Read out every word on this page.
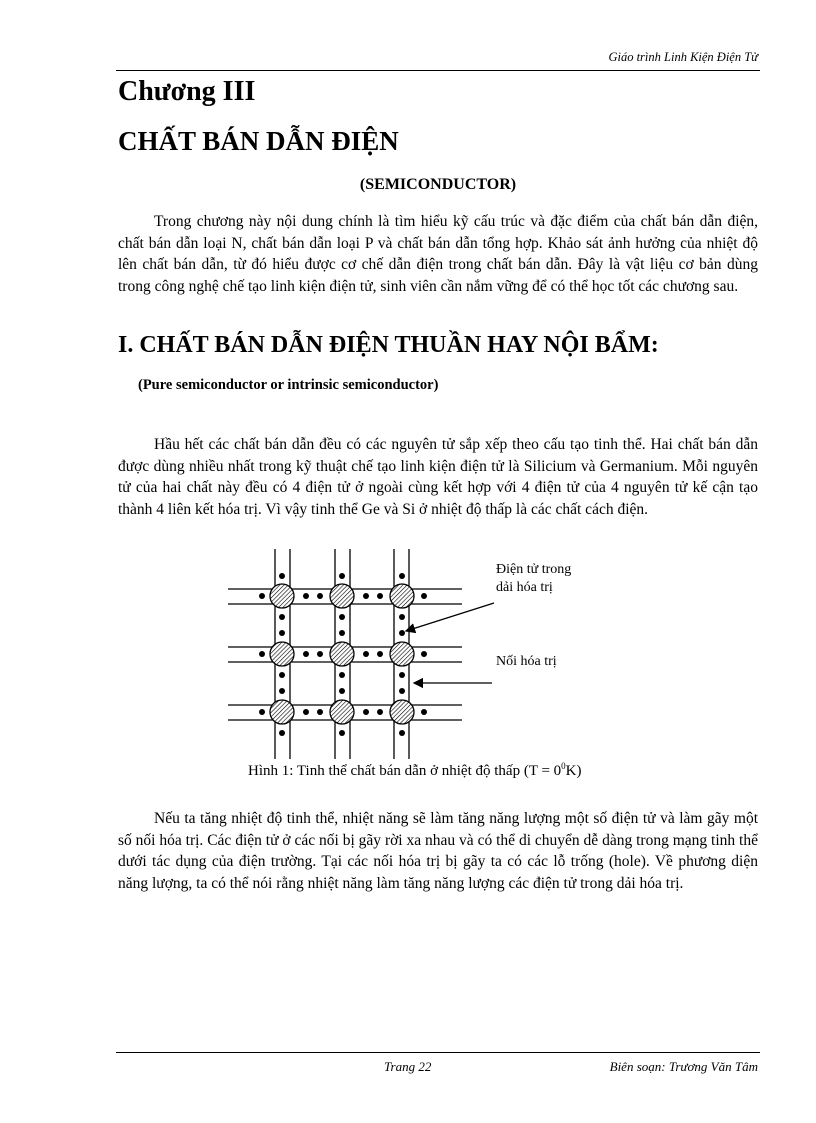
Giáo trình Linh Kiện Điện Tử
Chương III
CHẤT BÁN DẪN ĐIỆN
(SEMICONDUCTOR)

Trong chương này nội dung chính là tìm hiểu kỹ cấu trúc và đặc điểm của chất bán dẫn điện, chất bán dẫn loại N, chất bán dẫn loại P và chất bán dẫn tổng hợp. Khảo sát ảnh hưởng của nhiệt độ lên chất bán dẫn, từ đó hiểu được cơ chế dẫn điện trong chất bán dẫn. Đây là vật liệu cơ bản dùng trong công nghệ chế tạo linh kiện điện tử, sinh viên cần nắm vững để có thể học tốt các chương sau.

I. CHẤT BÁN DẪN ĐIỆN THUẦN HAY NỘI BẨM:
(Pure semiconductor or intrinsic semiconductor)

Hầu hết các chất bán dẫn đều có các nguyên tử sắp xếp theo cấu tạo tinh thể. Hai chất bán dẫn được dùng nhiều nhất trong kỹ thuật chế tạo linh kiện điện tử là Silicium và Germanium. Mỗi nguyên tử của hai chất này đều có 4 điện tử ở ngoài cùng kết hợp với 4 điện tử của 4 nguyên tử kế cận tạo thành 4 liên kết hóa trị. Vì vậy tinh thể Ge và Si ở nhiệt độ thấp là các chất cách điện.

Điện tử trong
dải hóa trị
Nối hóa trị
Hình 1: Tinh thể chất bán dẫn ở nhiệt độ thấp $(T = 0^0K)$

Nếu ta tăng nhiệt độ tinh thể, nhiệt năng sẽ làm tăng năng lượng một số điện tử và làm gãy một số nối hóa trị. Các điện tử ở các nối bị gãy rời xa nhau và có thể di chuyển dễ dàng trong mạng tinh thể dưới tác dụng của điện trường. Tại các nối hóa trị bị gãy ta có các lỗ trống (hole). Về phương diện năng lượng, ta có thể nói rằng nhiệt năng làm tăng năng lượng các điện tử trong dải hóa trị.

Trang 22	Biên soạn: Trương Văn Tâm
